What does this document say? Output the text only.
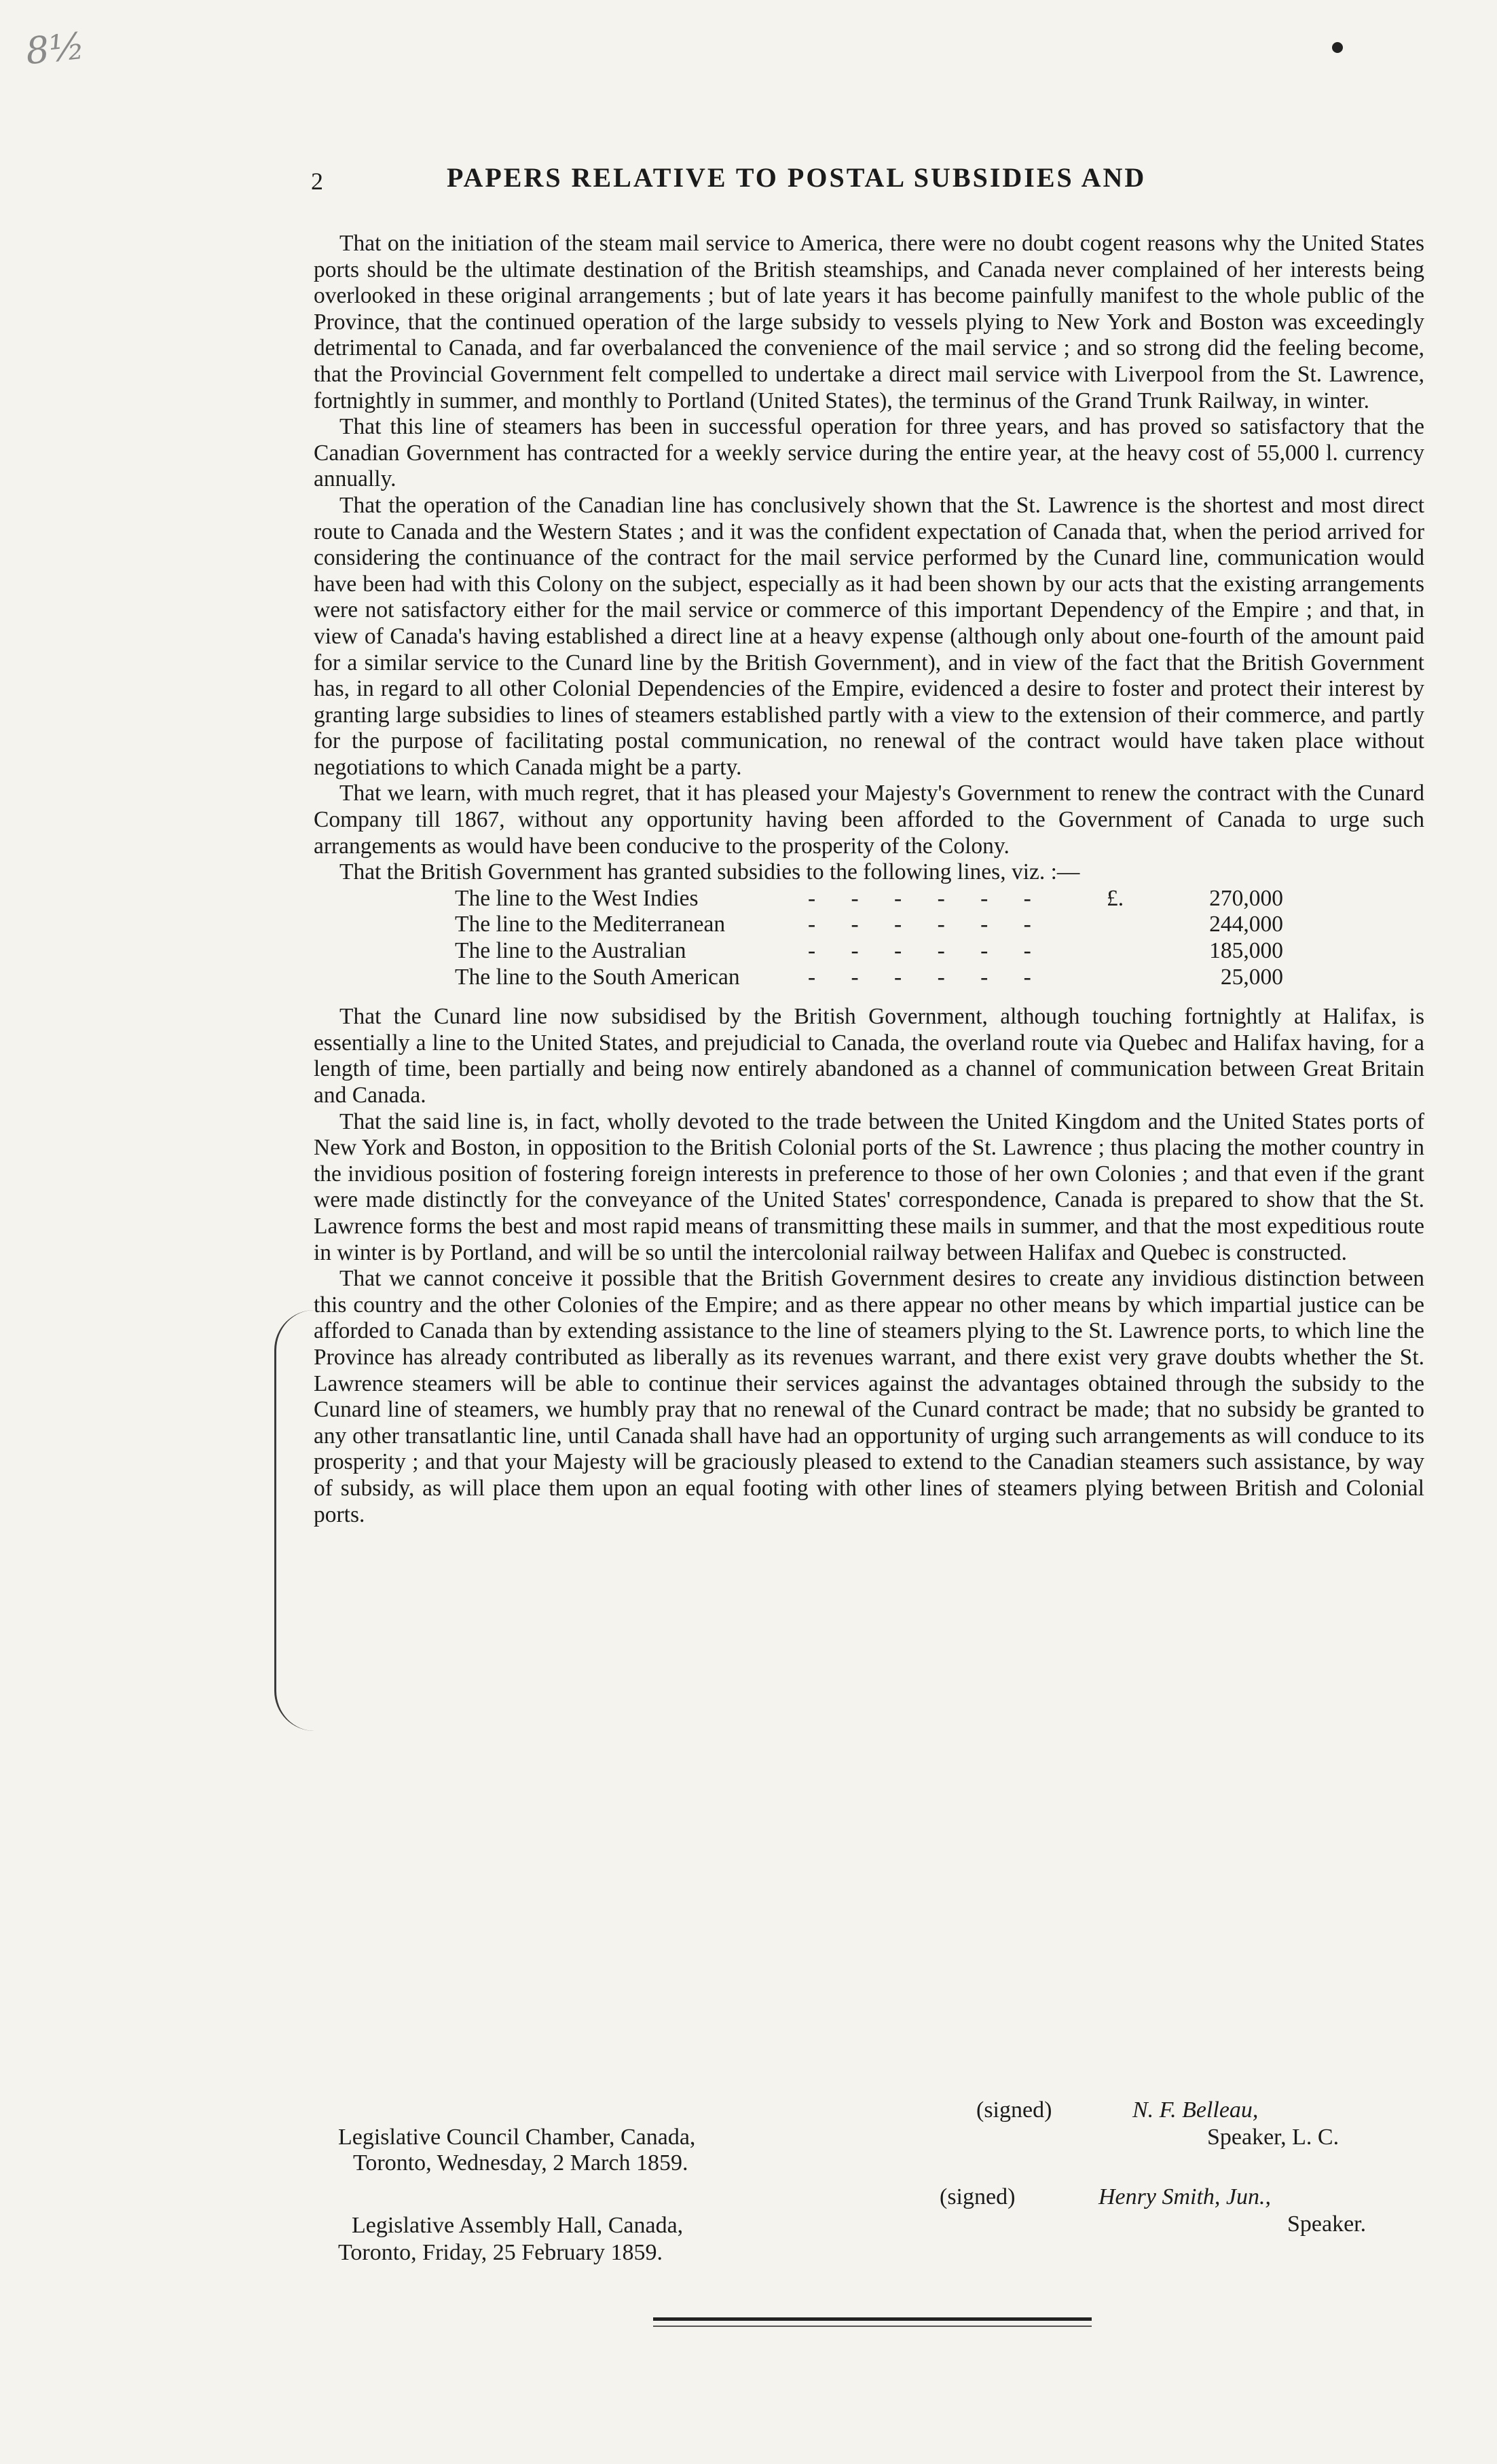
8½
2	PAPERS RELATIVE TO POSTAL SUBSIDIES AND

That on the initiation of the steam mail service to America, there were no doubt cogent reasons why the United States ports should be the ultimate destination of the British steamships, and Canada never complained of her interests being overlooked in these original arrangements ; but of late years it has become painfully manifest to the whole public of the Province, that the continued operation of the large subsidy to vessels plying to New York and Boston was exceedingly detrimental to Canada, and far overbalanced the convenience of the mail service ; and so strong did the feeling become, that the Provincial Government felt compelled to undertake a direct mail service with Liverpool from the St. Lawrence, fortnightly in summer, and monthly to Portland (United States), the terminus of the Grand Trunk Railway, in winter.

That this line of steamers has been in successful operation for three years, and has proved so satisfactory that the Canadian Government has contracted for a weekly service during the entire year, at the heavy cost of 55,000 l. currency annually.

That the operation of the Canadian line has conclusively shown that the St. Lawrence is the shortest and most direct route to Canada and the Western States ; and it was the confident expectation of Canada that, when the period arrived for considering the continuance of the contract for the mail service performed by the Cunard line, communication would have been had with this Colony on the subject, especially as it had been shown by our acts that the existing arrangements were not satisfactory either for the mail service or commerce of this important Dependency of the Empire ; and that, in view of Canada's having established a direct line at a heavy expense (although only about one-fourth of the amount paid for a similar service to the Cunard line by the British Government), and in view of the fact that the British Government has, in regard to all other Colonial Dependencies of the Empire, evidenced a desire to foster and protect their interest by granting large subsidies to lines of steamers established partly with a view to the extension of their commerce, and partly for the purpose of facilitating postal communication, no renewal of the contract would have taken place without negotiations to which Canada might be a party.

That we learn, with much regret, that it has pleased your Majesty's Government to renew the contract with the Cunard Company till 1867, without any opportunity having been afforded to the Government of Canada to urge such arrangements as would have been conducive to the prosperity of the Colony.

That the British Government has granted subsidies to the following lines, viz. :—

The line to the West Indies	- - - - - -	£.	270,000
The line to the Mediterranean	- - - - - -		244,000
The line to the Australian	- - - - - -		185,000
The line to the South American	- - - - - -		25,000

That the Cunard line now subsidised by the British Government, although touching fortnightly at Halifax, is essentially a line to the United States, and prejudicial to Canada, the overland route via Quebec and Halifax having, for a length of time, been partially and being now entirely abandoned as a channel of communication between Great Britain and Canada.

That the said line is, in fact, wholly devoted to the trade between the United Kingdom and the United States ports of New York and Boston, in opposition to the British Colonial ports of the St. Lawrence ; thus placing the mother country in the invidious position of fostering foreign interests in preference to those of her own Colonies ; and that even if the grant were made distinctly for the conveyance of the United States' correspondence, Canada is prepared to show that the St. Lawrence forms the best and most rapid means of transmitting these mails in summer, and that the most expeditious route in winter is by Portland, and will be so until the intercolonial railway between Halifax and Quebec is constructed.

That we cannot conceive it possible that the British Government desires to create any invidious distinction between this country and the other Colonies of the Empire; and as there appear no other means by which impartial justice can be afforded to Canada than by extending assistance to the line of steamers plying to the St. Lawrence ports, to which line the Province has already contributed as liberally as its revenues warrant, and there exist very grave doubts whether the St. Lawrence steamers will be able to continue their services against the advantages obtained through the subsidy to the Cunard line of steamers, we humbly pray that no renewal of the Cunard contract be made; that no subsidy be granted to any other transatlantic line, until Canada shall have had an opportunity of urging such arrangements as will conduce to its prosperity ; and that your Majesty will be graciously pleased to extend to the Canadian steamers such assistance, by way of subsidy, as will place them upon an equal footing with other lines of steamers plying between British and Colonial ports.

(signed)	N. F. Belleau,
Speaker, L. C.
Legislative Council Chamber, Canada,
Toronto, Wednesday, 2 March 1859.
(signed)	Henry Smith, Jun.,
Speaker.
Legislative Assembly Hall, Canada,
Toronto, Friday, 25 February 1859.
